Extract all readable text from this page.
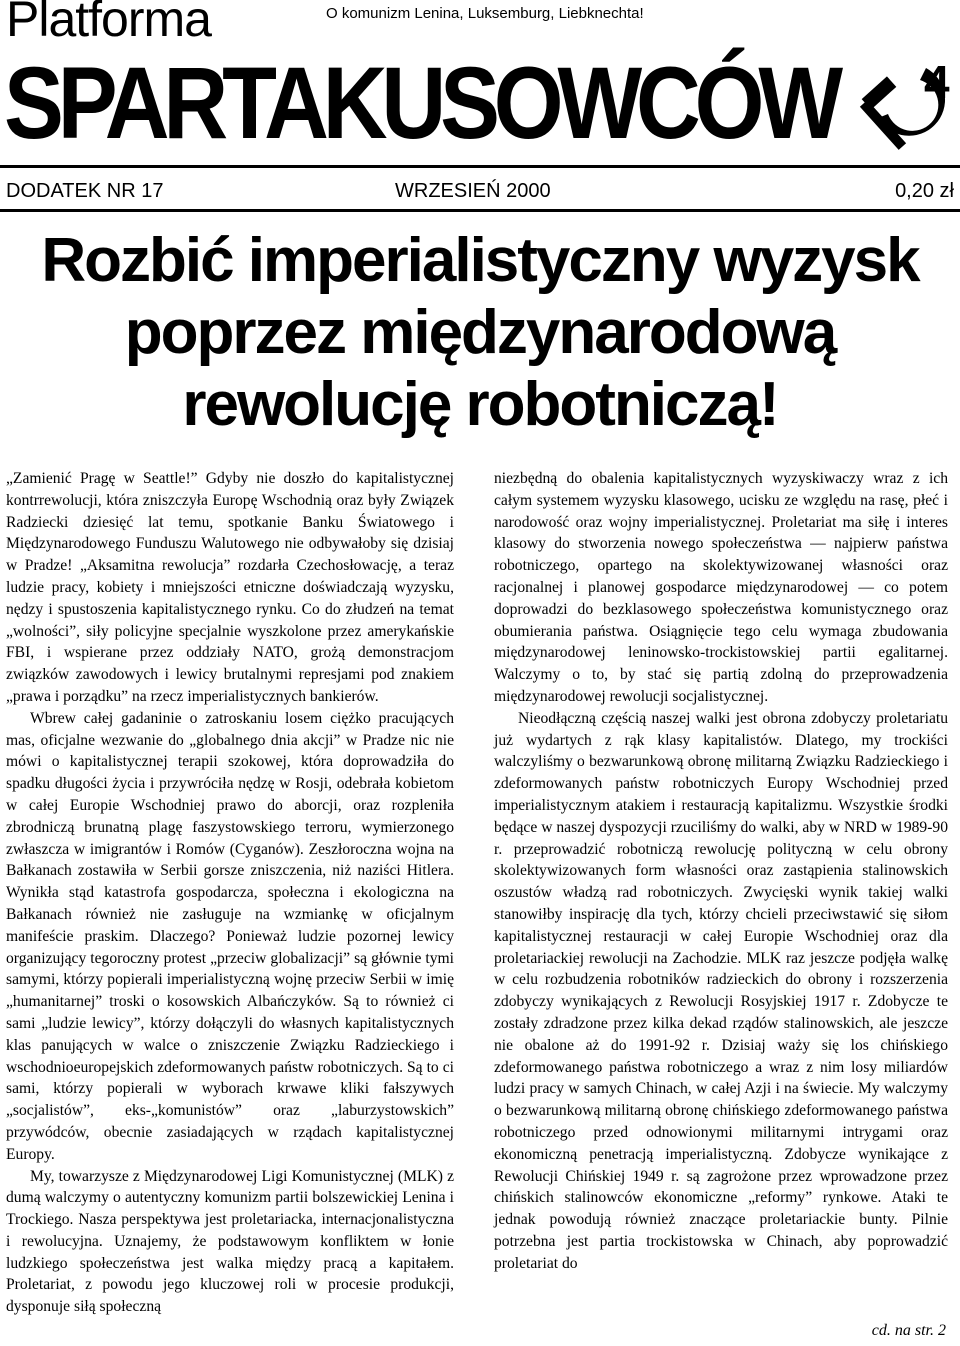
Platforma	O komunizm Lenina, Luksemburg, Liebknechta!
SPARTAKUSOWCÓW 4
DODATEK NR 17	WRZESIEŃ 2000	0,20 zł
Rozbić imperialistyczny wyzysk
poprzez międzynarodową
rewolucję robotniczą!

„Zamienić Pragę w Seattle!” Gdyby nie doszło do kapitalistycznej kontrrewolucji, która zniszczyła Europę Wschodnią oraz były Związek Radziecki dziesięć lat temu, spotkanie Banku Światowego i Międzynarodowego Funduszu Walutowego nie odbywałoby się dzisiaj w Pradze! „Aksamitna rewolucja” rozdarła Czechosłowację, a teraz ludzie pracy, kobiety i mniejszości etniczne doświadczają wyzysku, nędzy i spustoszenia kapitalistycznego rynku. Co do złudzeń na temat „wolności”, siły policyjne specjalnie wyszkolone przez amerykańskie FBI, i wspierane przez oddziały NATO, grożą demonstracjom związków zawodowych i lewicy brutalnymi represjami pod znakiem „prawa i porządku” na rzecz imperialistycznych bankierów.

Wbrew całej gadaninie o zatroskaniu losem ciężko pracujących mas, oficjalne wezwanie do „globalnego dnia akcji” w Pradze nic nie mówi o kapitalistycznej terapii szokowej, która doprowadziła do spadku długości życia i przywróciła nędzę w Rosji, odebrała kobietom w całej Europie Wschodniej prawo do aborcji, oraz rozpleniła zbrodniczą brunatną plagę faszystowskiego terroru, wymierzonego zwłaszcza w imigrantów i Romów (Cyganów). Zeszłoroczna wojna na Bałkanach zostawiła w Serbii gorsze zniszczenia, niż naziści Hitlera. Wynikła stąd katastrofa gospodarcza, społeczna i ekologiczna na Bałkanach również nie zasługuje na wzmiankę w oficjalnym manifeście praskim. Dlaczego? Ponieważ ludzie pozornej lewicy organizujący tegoroczny protest „przeciw globalizacji” są głównie tymi samymi, którzy popierali imperialistyczną wojnę przeciw Serbii w imię „humanitarnej” troski o kosowskich Albańczyków. Są to również ci sami „ludzie lewicy”, którzy dołączyli do własnych kapitalistycznych klas panujących w walce o zniszczenie Związku Radzieckiego i wschodnioeuropejskich zdeformowanych państw robotniczych. Są to ci sami, którzy popierali w wyborach krwawe kliki fałszywych „socjalistów”, eks-„komunistów” oraz „laburzystowskich” przywódców, obecnie zasiadających w rządach kapitalistycznej Europy.

My, towarzysze z Międzynarodowej Ligi Komunistycznej (MLK) z dumą walczymy o autentyczny komunizm partii bolszewickiej Lenina i Trockiego. Nasza perspektywa jest proletariacka, internacjonalistyczna i rewolucyjna. Uznajemy, że podstawowym konfliktem w łonie ludzkiego społeczeństwa jest walka między pracą a kapitałem. Proletariat, z powodu jego kluczowej roli w procesie produkcji, dysponuje siłą społeczną

niezbędną do obalenia kapitalistycznych wyzyskiwaczy wraz z ich całym systemem wyzysku klasowego, ucisku ze względu na rasę, płeć i narodowość oraz wojny imperialistycznej. Proletariat ma siłę i interes klasowy do stworzenia nowego społeczeństwa — najpierw państwa robotniczego, opartego na skolektywizowanej własności oraz racjonalnej i planowej gospodarce międzynarodowej — co potem doprowadzi do bezklasowego społeczeństwa komunistycznego oraz obumierania państwa. Osiągnięcie tego celu wymaga zbudowania międzynarodowej leninowsko-trockistowskiej partii egalitarnej. Walczymy o to, by stać się partią zdolną do przeprowadzenia międzynarodowej rewolucji socjalistycznej.

Nieodłączną częścią naszej walki jest obrona zdobyczy proletariatu już wydartych z rąk klasy kapitalistów. Dlatego, my trockiści walczyliśmy o bezwarunkową obronę militarną Związku Radzieckiego i zdeformowanych państw robotniczych Europy Wschodniej przed imperialistycznym atakiem i restauracją kapitalizmu. Wszystkie środki będące w naszej dyspozycji rzuciliśmy do walki, aby w NRD w 1989-90 r. przeprowadzić robotniczą rewolucję polityczną w celu obrony skolektywizowanych form własności oraz zastąpienia stalinowskich oszustów władzą rad robotniczych. Zwycięski wynik takiej walki stanowiłby inspirację dla tych, którzy chcieli przeciwstawić się siłom kapitalistycznej restauracji w całej Europie Wschodniej oraz dla proletariackiej rewolucji na Zachodzie. MLK raz jeszcze podjęła walkę w celu rozbudzenia robotników radzieckich do obrony i rozszerzenia zdobyczy wynikających z Rewolucji Rosyjskiej 1917 r. Zdobycze te zostały zdradzone przez kilka dekad rządów stalinowskich, ale jeszcze nie obalone aż do 1991-92 r. Dzisiaj waży się los chińskiego zdeformowanego państwa robotniczego a wraz z nim losy miliardów ludzi pracy w samych Chinach, w całej Azji i na świecie. My walczymy o bezwarunkową militarną obronę chińskiego zdeformowanego państwa robotniczego przed odnowionymi militarnymi intrygami oraz ekonomiczną penetracją imperialistyczną. Zdobycze wynikające z Rewolucji Chińskiej 1949 r. są zagrożone przez wprowadzone przez chińskich stalinowców ekonomiczne „reformy” rynkowe. Ataki te jednak powodują również znaczące proletariackie bunty. Pilnie potrzebna jest partia trockistowska w Chinach, aby poprowadzić proletariat do

cd. na str. 2
